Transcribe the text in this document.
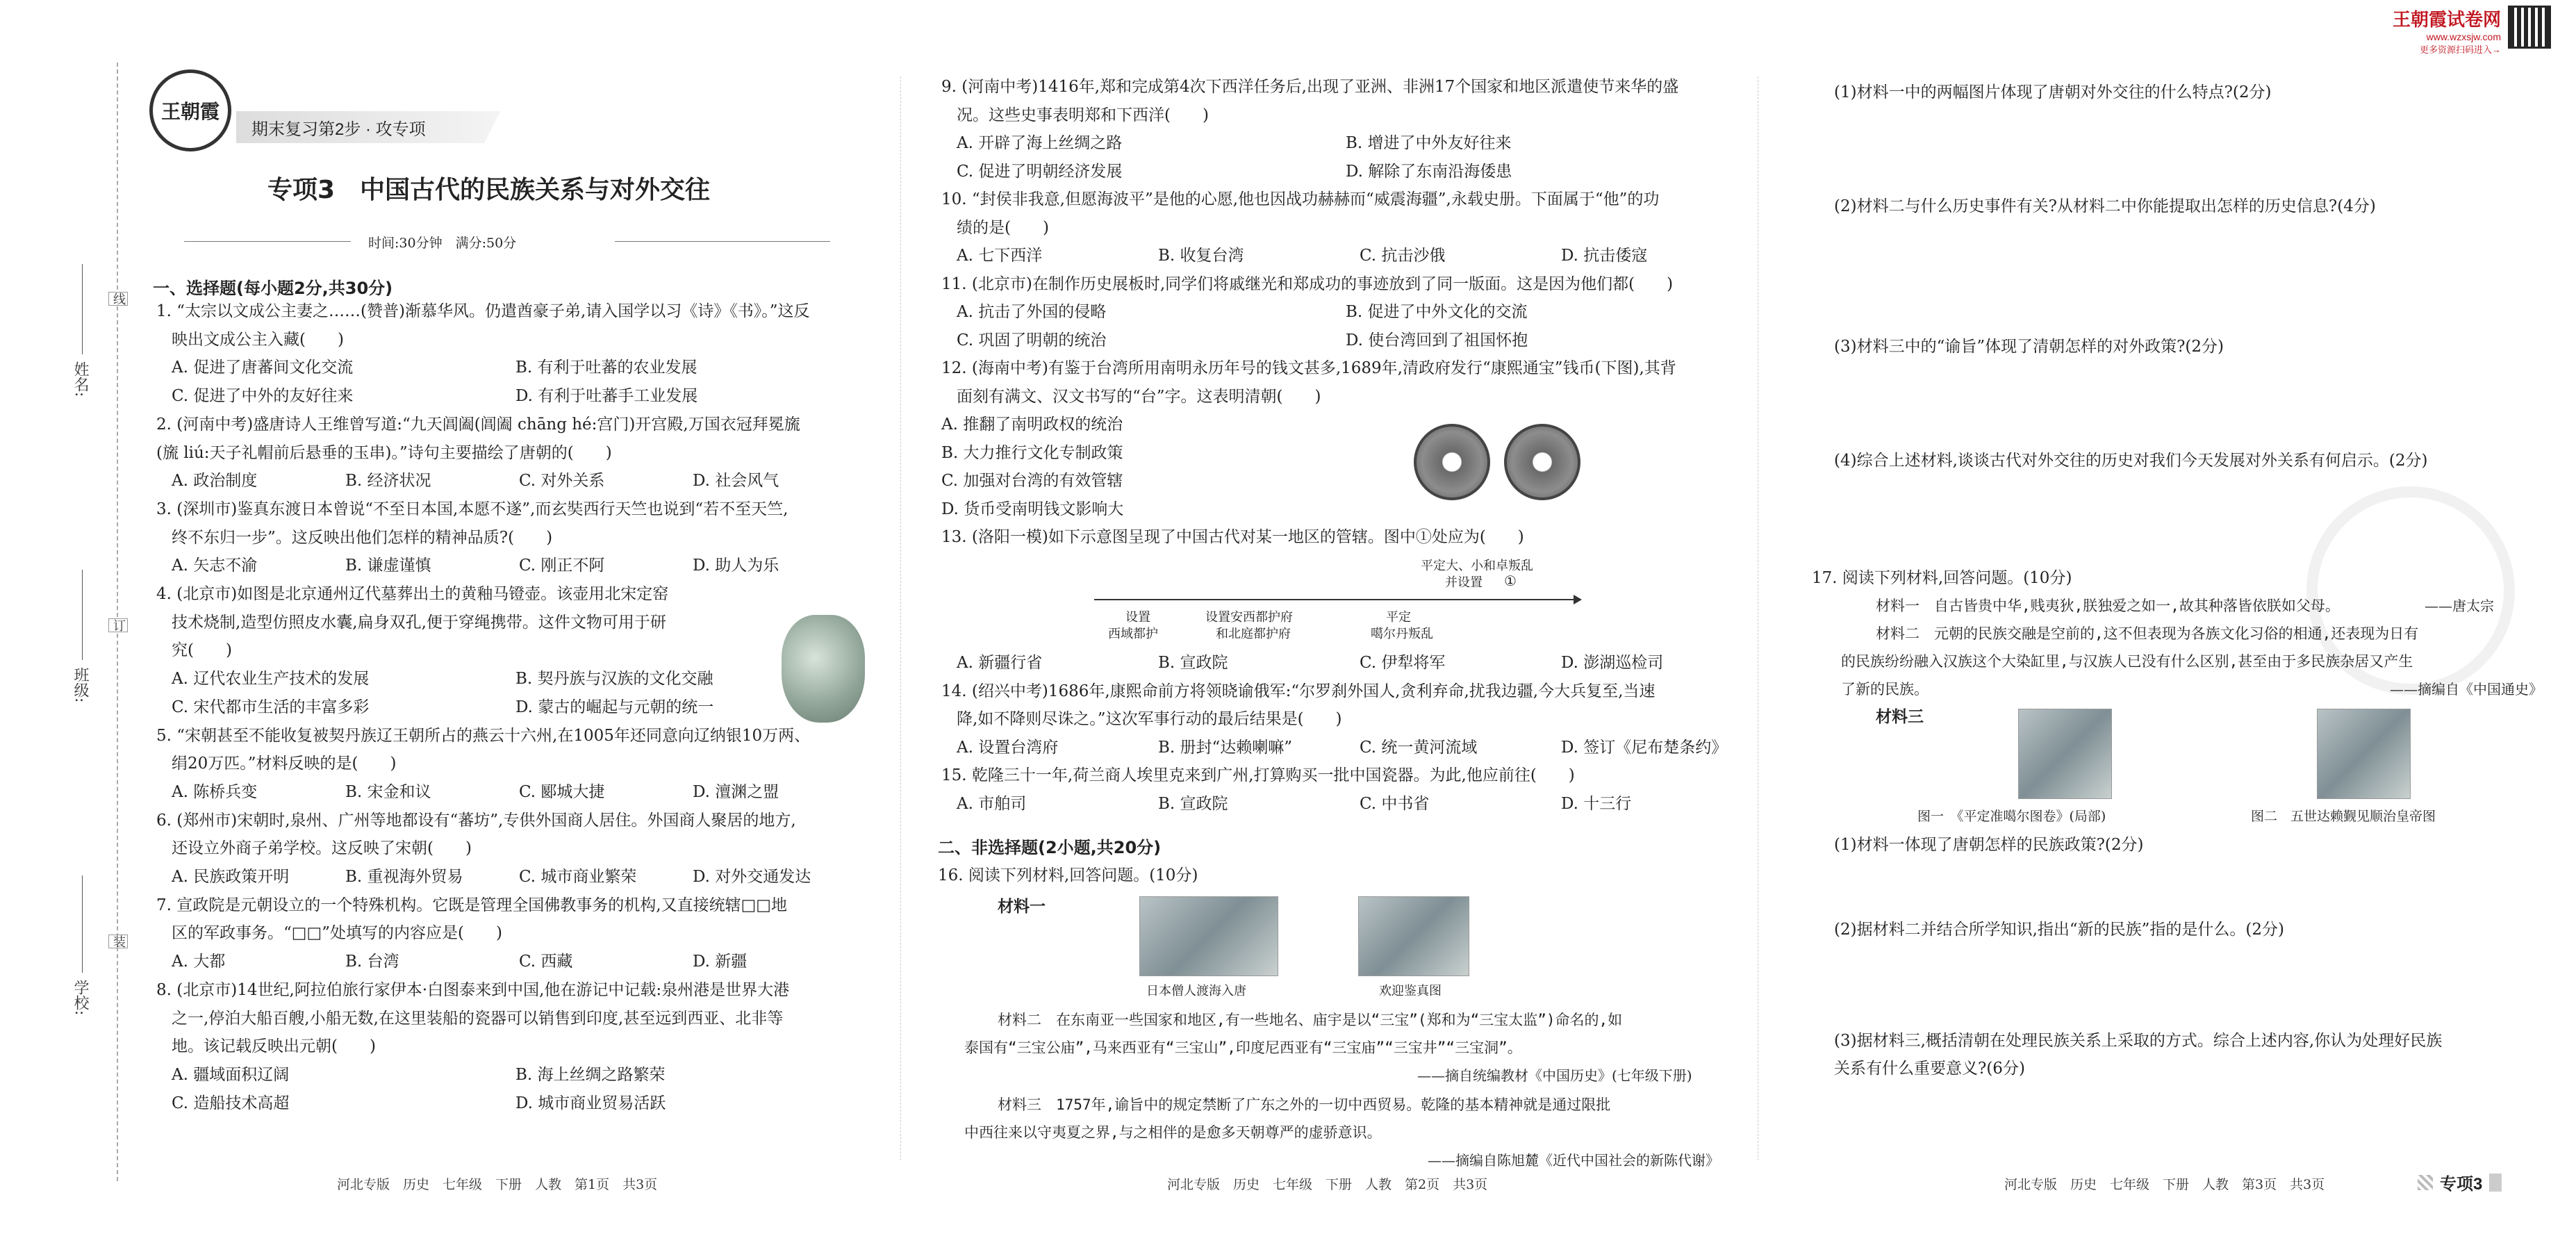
王朝霞试卷网
www.wzxsjw.com
更多资源扫码进入→
姓名:
班级:
学校:
线
订
装
王朝霞
期末复习第2步 · 攻专项
专项3　中国古代的民族关系与对外交往
时间:30分钟　满分:50分
一、选择题(每小题2分,共30分)
1. “太宗以文成公主妻之……(赞普)渐慕华风。仍遣酋豪子弟,请入国学以习《诗》《书》。”这反
映出文成公主入藏(　　)
A. 促进了唐蕃间文化交流	B. 有利于吐蕃的农业发展
C. 促进了中外的友好往来	D. 有利于吐蕃手工业发展
2. (河南中考)盛唐诗人王维曾写道:“九天阊阖(阊阖 chāng hé:宫门)开宫殿,万国衣冠拜冕旒
(旒 liú:天子礼帽前后悬垂的玉串)。”诗句主要描绘了唐朝的(　　)
A. 政治制度	B. 经济状况	C. 对外关系	D. 社会风气
3. (深圳市)鉴真东渡日本曾说“不至日本国,本愿不遂”,而玄奘西行天竺也说到“若不至天竺,
终不东归一步”。这反映出他们怎样的精神品质?(　　)
A. 矢志不渝	B. 谦虚谨慎	C. 刚正不阿	D. 助人为乐
4. (北京市)如图是北京通州辽代墓葬出土的黄釉马镫壶。该壶用北宋定窑
技术烧制,造型仿照皮水囊,扁身双孔,便于穿绳携带。这件文物可用于研
究(　　)
A. 辽代农业生产技术的发展	B. 契丹族与汉族的文化交融
C. 宋代都市生活的丰富多彩	D. 蒙古的崛起与元朝的统一
5. “宋朝甚至不能收复被契丹族辽王朝所占的燕云十六州,在1005年还同意向辽纳银10万两、
绢20万匹。”材料反映的是(　　)
A. 陈桥兵变	B. 宋金和议	C. 郾城大捷	D. 澶渊之盟
6. (郑州市)宋朝时,泉州、广州等地都设有“蕃坊”,专供外国商人居住。外国商人聚居的地方,
还设立外商子弟学校。这反映了宋朝(　　)
A. 民族政策开明	B. 重视海外贸易	C. 城市商业繁荣	D. 对外交通发达
7. 宣政院是元朝设立的一个特殊机构。它既是管理全国佛教事务的机构,又直接统辖□□地
区的军政事务。“□□”处填写的内容应是(　　)
A. 大都	B. 台湾	C. 西藏	D. 新疆
8. (北京市)14世纪,阿拉伯旅行家伊本·白图泰来到中国,他在游记中记载:泉州港是世界大港
之一,停泊大船百艘,小船无数,在这里装船的瓷器可以销售到印度,甚至远到西亚、北非等
地。该记载反映出元朝(　　)
A. 疆域面积辽阔	B. 海上丝绸之路繁荣
C. 造船技术高超	D. 城市商业贸易活跃
9. (河南中考)1416年,郑和完成第4次下西洋任务后,出现了亚洲、非洲17个国家和地区派遣使节来华的盛
况。这些史事表明郑和下西洋(　　)
A. 开辟了海上丝绸之路	B. 增进了中外友好往来
C. 促进了明朝经济发展	D. 解除了东南沿海倭患
10. “封侯非我意,但愿海波平”是他的心愿,他也因战功赫赫而“威震海疆”,永载史册。下面属于“他”的功
绩的是(　　)
A. 七下西洋	B. 收复台湾	C. 抗击沙俄	D. 抗击倭寇
11. (北京市)在制作历史展板时,同学们将戚继光和郑成功的事迹放到了同一版面。这是因为他们都(　　)
A. 抗击了外国的侵略	B. 促进了中外文化的交流
C. 巩固了明朝的统治	D. 使台湾回到了祖国怀抱
12. (海南中考)有鉴于台湾所用南明永历年号的钱文甚多,1689年,清政府发行“康熙通宝”钱币(下图),其背
面刻有满文、汉文书写的“台”字。这表明清朝(　　)
A. 推翻了南明政权的统治
B. 大力推行文化专制政策
C. 加强对台湾的有效管辖
D. 货币受南明钱文影响大
13. (洛阳一模)如下示意图呈现了中国古代对某一地区的管辖。图中①处应为(　　)
平定大、小和卓叛乱
并设置 ①
设置
西域都护
设置安西都护府
和北庭都护府
平定
噶尔丹叛乱
A. 新疆行省	B. 宣政院	C. 伊犁将军	D. 澎湖巡检司
14. (绍兴中考)1686年,康熙命前方将领晓谕俄军:“尔罗刹外国人,贪利弃命,扰我边疆,今大兵复至,当速
降,如不降则尽诛之。”这次军事行动的最后结果是(　　)
A. 设置台湾府	B. 册封“达赖喇嘛”	C. 统一黄河流域	D. 签订《尼布楚条约》
15. 乾隆三十一年,荷兰商人埃里克来到广州,打算购买一批中国瓷器。为此,他应前往(　　)
A. 市舶司	B. 宣政院	C. 中书省	D. 十三行
二、非选择题(2小题,共20分)
16. 阅读下列材料,回答问题。(10分)
材料一
日本僧人渡海入唐	欢迎鉴真图
材料二　在东南亚一些国家和地区,有一些地名、庙宇是以“三宝”(郑和为“三宝太监”)命名的,如
泰国有“三宝公庙”,马来西亚有“三宝山”,印度尼西亚有“三宝庙”“三宝井”“三宝洞”。
——摘自统编教材《中国历史》(七年级下册)
材料三　1757年,谕旨中的规定禁断了广东之外的一切中西贸易。乾隆的基本精神就是通过限批
中西往来以守夷夏之界,与之相伴的是愈多天朝尊严的虚骄意识。
——摘编自陈旭麓《近代中国社会的新陈代谢》
(1)材料一中的两幅图片体现了唐朝对外交往的什么特点?(2分)
(2)材料二与什么历史事件有关?从材料二中你能提取出怎样的历史信息?(4分)
(3)材料三中的“谕旨”体现了清朝怎样的对外政策?(2分)
(4)综合上述材料,谈谈古代对外交往的历史对我们今天发展对外关系有何启示。(2分)
17. 阅读下列材料,回答问题。(10分)
材料一　自古皆贵中华,贱夷狄,朕独爱之如一,故其种落皆依朕如父母。	——唐太宗
材料二　元朝的民族交融是空前的,这不但表现为各族文化习俗的相通,还表现为日有
的民族纷纷融入汉族这个大染缸里,与汉族人已没有什么区别,甚至由于多民族杂居又产生
了新的民族。	——摘编自《中国通史》
材料三
图一　《平定准噶尔图卷》(局部)	图二　五世达赖觐见顺治皇帝图
(1)材料一体现了唐朝怎样的民族政策?(2分)
(2)据材料二并结合所学知识,指出“新的民族”指的是什么。(2分)
(3)据材料三,概括清朝在处理民族关系上采取的方式。综合上述内容,你认为处理好民族
关系有什么重要意义?(6分)
河北专版　历史　七年级　下册　人教　第1页　共3页	河北专版　历史　七年级　下册　人教　第2页　共3页	河北专版　历史　七年级　下册　人教　第3页　共3页	专项3
